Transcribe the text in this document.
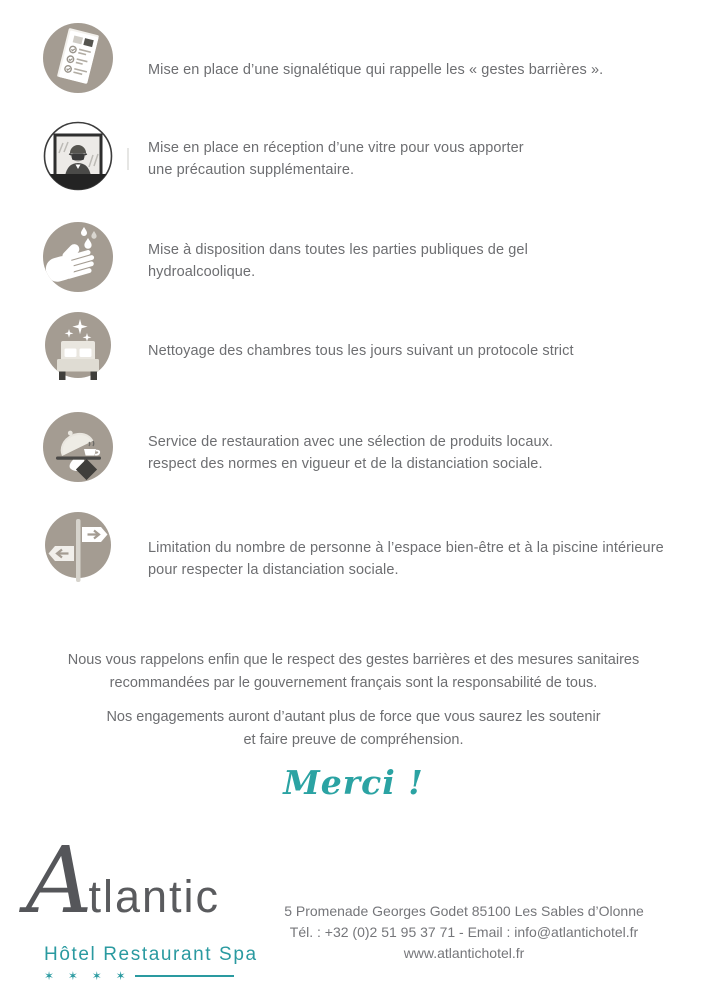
Mise en place d’une signalétique qui rappelle les « gestes barrières ».
Mise en place en réception d’une vitre pour vous apporter
une précaution supplémentaire.
Mise à disposition dans toutes les parties publiques de gel
hydroalcoolique.
Nettoyage des chambres tous les jours suivant un protocole strict
Service de restauration avec une sélection de produits locaux.
respect des normes en vigueur et de la distanciation sociale.
Limitation du nombre de personne à l’espace bien-être et à la piscine intérieure
pour respecter la distanciation sociale.
Nous vous rappelons enfin que le respect des gestes barrières et des mesures sanitaires
recommandées par le gouvernement français sont la responsabilité de tous.
Nos engagements auront d’autant plus de force que vous saurez les soutenir
et faire preuve de compréhension.
Merci !
A
tlantic
Hôtel Restaurant Spa
✶ ✶ ✶ ✶
5 Promenade Georges Godet 85100 Les Sables d’Olonne
Tél. : +32 (0)2 51 95 37 71 - Email : info@atlantichotel.fr
www.atlantichotel.fr
